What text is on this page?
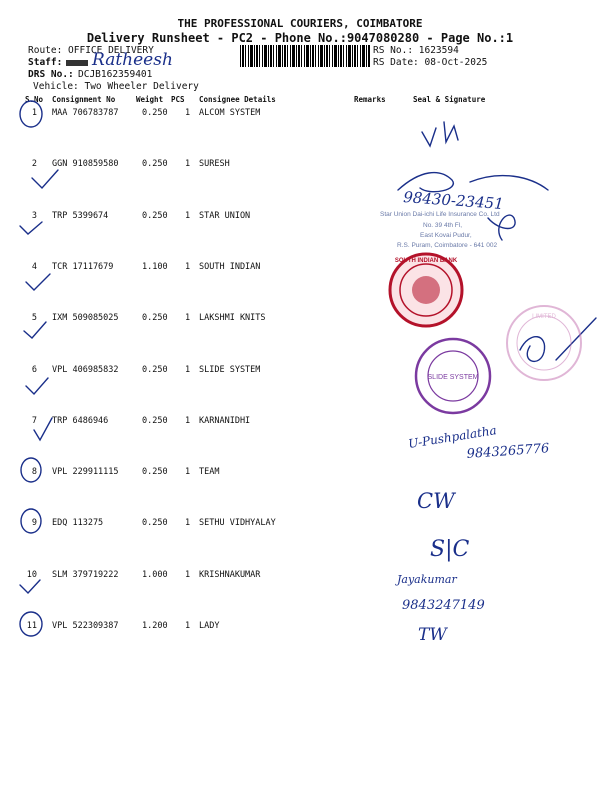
THE PROFESSIONAL COURIERS, COIMBATORE
Delivery Runsheet - PC2 - Phone No.:9047080280 - Page No.:1
Route: OFFICE DELIVERY
Staff: Ratheesh
DRS No.: DCJB162359401
Vehicle: Two Wheeler Delivery
RS No.: 1623594
RS Date: 08-Oct-2025
S.No Consignment No	Weight PCS Consignee Details	Remarks	Seal & Signature
1 MAA 706783787	0.250 1 ALCOM SYSTEM
2 GGN 910859580	0.250 1 SURESH
3 TRP 5399674	0.250 1 STAR UNION
4 TCR 17117679	1.100 1 SOUTH INDIAN
5 IXM 509085025	0.250 1 LAKSHMI KNITS
6 VPL 406985832	0.250 1 SLIDE SYSTEM
7 TRP 6486946	0.250 1 KARNANIDHI
8 VPL 229911115	0.250 1 TEAM
9 EDQ 113275	0.250 1 SETHU VIDHYALAY
10 SLM 379719222	1.000 1 KRISHNAKUMAR
11 VPL 522309387	1.200 1 LADY
98430-23451
U-Pushpalatha
9843265776
CW
S|C
Jayakumar
9843247149
TW
Star Union Dai-ichi Life Insurance Co. Ltd
No. 39 4th Fl,
East Kovai Pudur,
R.S. Puram, Coimbatore - 641 002
SOUTH INDIAN BANK
SLIDE SYSTEM
LIMITED
